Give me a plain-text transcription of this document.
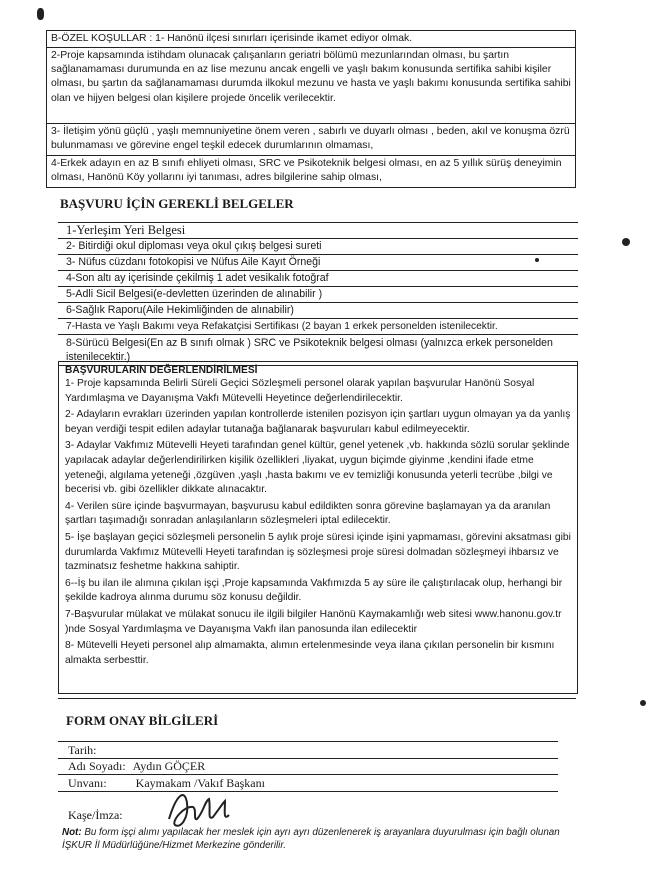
B-ÖZEL KOŞULLAR : 1- Hanönü ilçesi sınırları içerisinde ikamet ediyor olmak.
2-Proje kapsamında istihdam olunacak çalışanların geriatri bölümü mezunlarından olması, bu şartın sağlanamaması durumunda en az lise mezunu ancak engelli ve yaşlı bakım konusunda sertifika sahibi kişiler olması, bu şartın da sağlanamaması durumda ilkokul mezunu ve hasta ve yaşlı bakımı konusunda sertifika sahibi olan ve hijyen belgesi olan kişilere projede öncelik verilecektir.
3- İletişim yönü güçlü , yaşlı memnuniyetine önem veren , sabırlı ve duyarlı olması , beden, akıl ve konuşma özrü bulunmaması ve görevine engel teşkil edecek durumlarının olmaması,
4-Erkek adayın en az B sınıfı ehliyeti olması, SRC ve Psikoteknik belgesi olması, en az 5 yıllık sürüş deneyimin olması, Hanönü Köy yollarını iyi tanıması, adres bilgilerine sahip olması,
BAŞVURU İÇİN GEREKLİ BELGELER
1-Yerleşim Yeri Belgesi
2- Bitirdiği okul diploması veya okul çıkış belgesi sureti
3- Nüfus cüzdanı fotokopisi ve Nüfus Aile Kayıt Örneği
4-Son altı ay içerisinde çekilmiş 1 adet vesikalık fotoğraf
5-Adli Sicil Belgesi(e-devletten üzerinden de alınabilir )
6-Sağlık Raporu(Aile Hekimliğinden de alınabilir)
7-Hasta ve Yaşlı Bakımı veya Refakatçisi Sertifikası (2 bayan 1 erkek personelden istenilecektir.
8-Sürücü Belgesi(En az B sınıfı olmak ) SRC ve Psikoteknik belgesi olması (yalnızca erkek personelden istenilecektir.)
BAŞVURULARIN DEĞERLENDİRİLMESİ

1- Proje kapsamında Belirli Süreli Geçici Sözleşmeli personel olarak yapılan başvurular Hanönü Sosyal Yardımlaşma ve Dayanışma Vakfı Mütevelli Heyetince değerlendirilecektir.

2- Adayların evrakları üzerinden yapılan kontrollerde istenilen pozisyon için şartları uygun olmayan ya da yanlış beyan verdiği tespit edilen adaylar tutanağa bağlanarak başvuruları kabul edilmeyecektir.

3- Adaylar Vakfımız Mütevelli Heyeti tarafından genel kültür, genel yetenek ,vb. hakkında sözlü sorular şeklinde yapılacak adaylar değerlendirilirken kişilik özellikleri ,liyakat, uygun biçimde giyinme ,kendini ifade etme yeteneği, algılama yeteneği ,özgüven ,yaşlı ,hasta bakımı ve ev temizliği konusunda yeterli tecrübe ,bilgi ve becerisi vb. gibi özellikler dikkate alınacaktır.

4- Verilen süre içinde başvurmayan, başvurusu kabul edildikten sonra görevine başlamayan ya da aranılan şartları taşımadığı sonradan anlaşılanların sözleşmeleri iptal edilecektir.

5- İşe başlayan geçici sözleşmeli personelin 5 aylık proje süresi içinde işini yapmaması, görevini aksatması gibi durumlarda Vakfımız Mütevelli Heyeti tarafından iş sözleşmesi proje süresi dolmadan sözleşmeyi ihbarsız ve tazminatsız feshetme hakkına sahiptir.

6--İş bu ilan ile alımına çıkılan işçi ,Proje kapsamında Vakfımızda 5 ay süre ile çalıştırılacak olup, herhangi bir şekilde kadroya alınma durumu söz konusu değildir.

7-Başvurular mülakat ve mülakat sonucu ile ilgili bilgiler Hanönü Kaymakamlığı web sitesi www.hanonu.gov.tr )nde Sosyal Yardımlaşma ve Dayanışma Vakfı ilan panosunda ilan edilecektir

8- Mütevelli Heyeti personel alıp almamakta, alımın ertelenmesinde veya ilana çıkılan personelin bir kısmını almakta serbesttir.

FORM ONAY BİLGİLERİ
Tarih:
Adı Soyadı: Aydın GÖÇER
Unvanı: Kaymakam /Vakıf Başkanı
Kaşe/İmza:
Not: Bu form işçi alımı yapılacak her meslek için ayrı ayrı düzenlenerek iş arayanlara duyurulması için bağlı olunan İŞKUR İl Müdürlüğüne/Hizmet Merkezine gönderilir.
